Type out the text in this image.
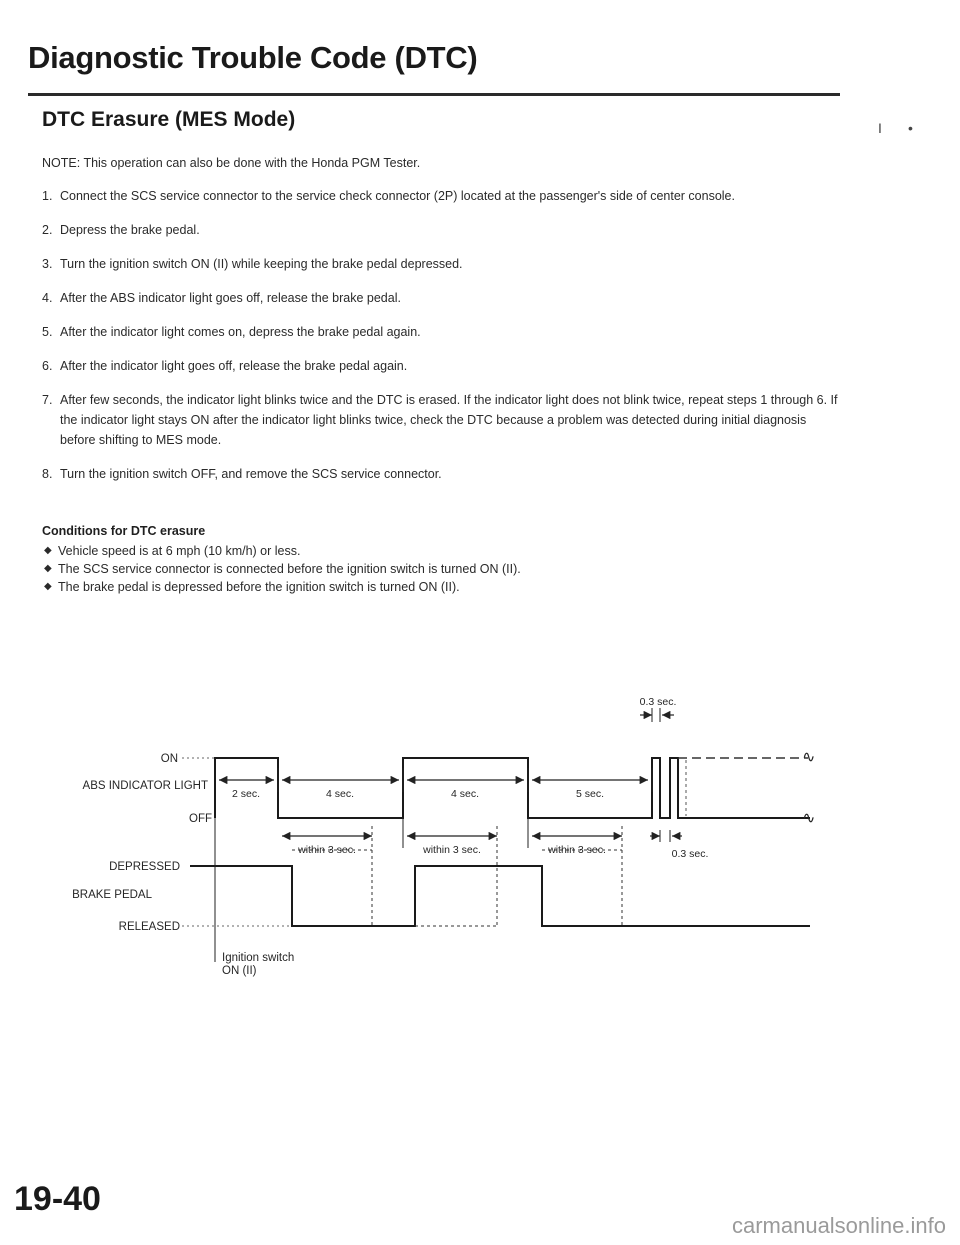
Diagnostic Trouble Code (DTC)
I •
DTC Erasure (MES Mode)
NOTE: This operation can also be done with the Honda PGM Tester.
1. Connect the SCS service connector to the service check connector (2P) located at the passenger's side of center console.
2. Depress the brake pedal.
3. Turn the ignition switch ON (II) while keeping the brake pedal depressed.
4. After the ABS indicator light goes off, release the brake pedal.
5. After the indicator light comes on, depress the brake pedal again.
6. After the indicator light goes off, release the brake pedal again.
7. After few seconds, the indicator light blinks twice and the DTC is erased. If the indicator light does not blink twice, repeat steps 1 through 6. If the indicator light stays ON after the indicator light blinks twice, check the DTC because a problem was detected during initial diagnosis before shifting to MES mode.
8. Turn the ignition switch OFF, and remove the SCS service connector.
Conditions for DTC erasure
◆ Vehicle speed is at 6 mph (10 km/h) or less.
◆ The SCS service connector is connected before the ignition switch is turned ON (II).
◆ The brake pedal is depressed before the ignition switch is turned ON (II).
∿
∿
ON
ABS INDICATOR LIGHT
OFF
DEPRESSED
BRAKE PEDAL
RELEASED
Ignition switch
ON (II)
2 sec.	4 sec.	4 sec.	5 sec.
within 3 sec.	within 3 sec.	within 3 sec.
0.3 sec.
0.3 sec.
19-40
carmanualsonline.info
